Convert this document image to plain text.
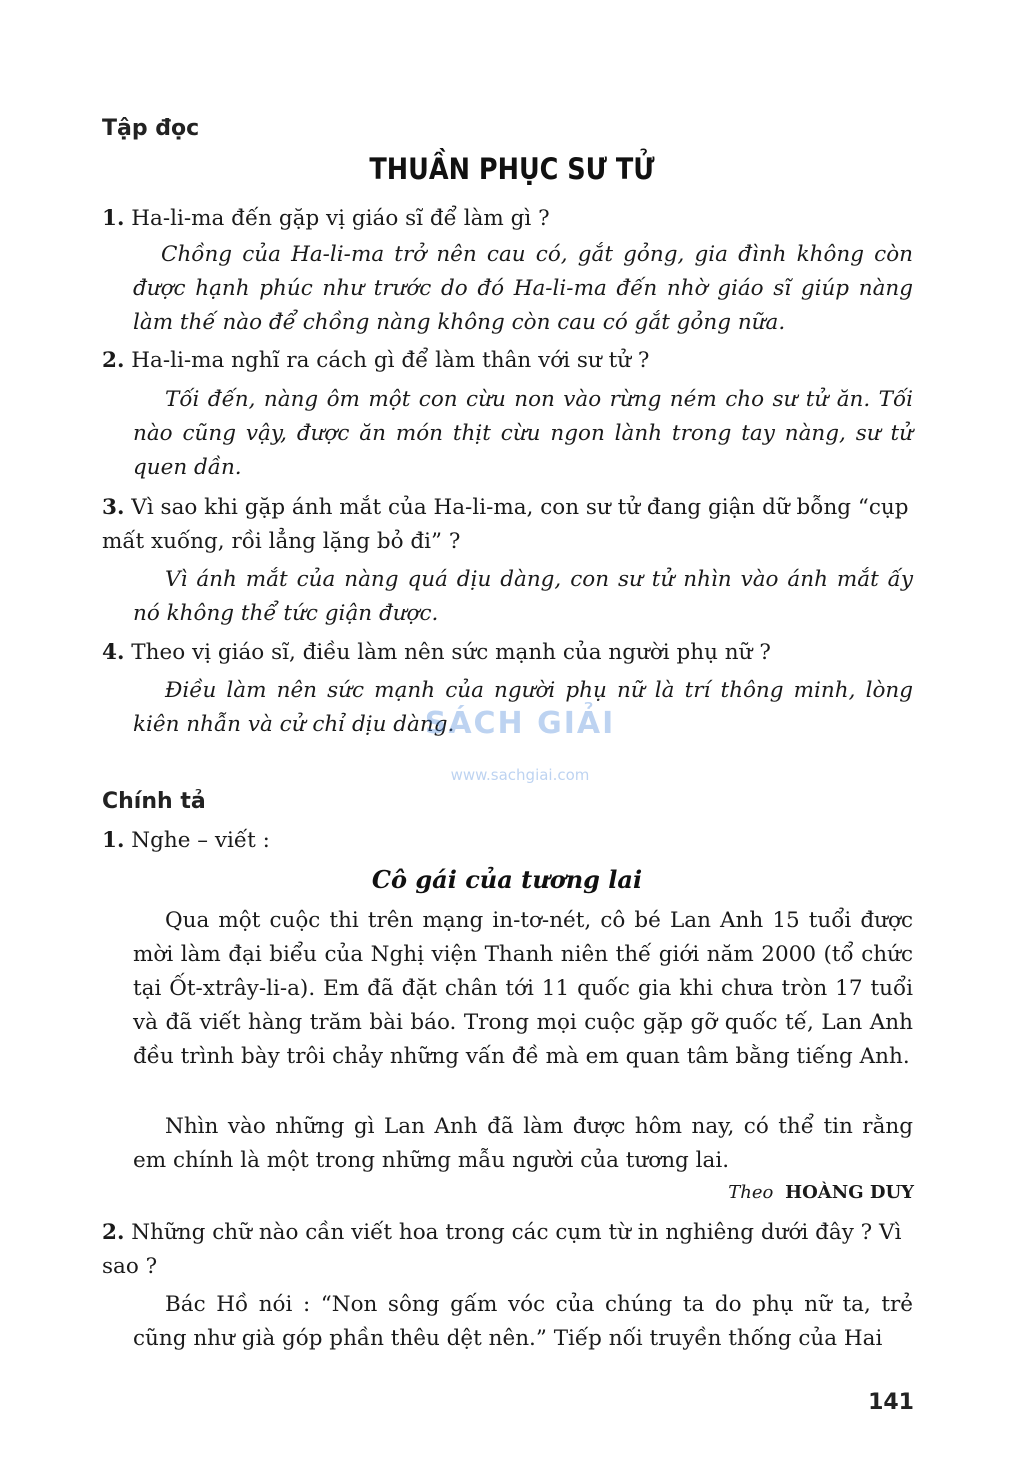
Tập đọc
THUẦN PHỤC SƯ TỬ
1. Ha-li-ma đến gặp vị giáo sĩ để làm gì ?
Chồng của Ha-li-ma trở nên cau có, gắt gỏng, gia đình không còn được hạnh phúc như trước do đó Ha-li-ma đến nhờ giáo sĩ giúp nàng làm thế nào để chồng nàng không còn cau có gắt gỏng nữa.
2. Ha-li-ma nghĩ ra cách gì để làm thân với sư tử ?
Tối đến, nàng ôm một con cừu non vào rừng ném cho sư tử ăn. Tối nào cũng vậy, được ăn món thịt cừu ngon lành trong tay nàng, sư tử quen dần.
3. Vì sao khi gặp ánh mắt của Ha-li-ma, con sư tử đang giận dữ bỗng “cụp mất xuống, rồi lẳng lặng bỏ đi” ?
Vì ánh mắt của nàng quá dịu dàng, con sư tử nhìn vào ánh mắt ấy nó không thể tức giận được.
4. Theo vị giáo sĩ, điều làm nên sức mạnh của người phụ nữ ?
Điều làm nên sức mạnh của người phụ nữ là trí thông minh, lòng kiên nhẫn và cử chỉ dịu dàng.
SÁCH GIẢI
www.sachgiai.com
Chính tả
1. Nghe – viết :
Cô gái của tương lai
Qua một cuộc thi trên mạng in-tơ-nét, cô bé Lan Anh 15 tuổi được mời làm đại biểu của Nghị viện Thanh niên thế giới năm 2000 (tổ chức tại Ốt-xtrây-li-a). Em đã đặt chân tới 11 quốc gia khi chưa tròn 17 tuổi và đã viết hàng trăm bài báo. Trong mọi cuộc gặp gỡ quốc tế, Lan Anh đều trình bày trôi chảy những vấn đề mà em quan tâm bằng tiếng Anh.
Nhìn vào những gì Lan Anh đã làm được hôm nay, có thể tin rằng em chính là một trong những mẫu người của tương lai.
Theo HOÀNG DUY
2. Những chữ nào cần viết hoa trong các cụm từ in nghiêng dưới đây ? Vì sao ?
Bác Hồ nói : “Non sông gấm vóc của chúng ta do phụ nữ ta, trẻ cũng như già góp phần thêu dệt nên.” Tiếp nối truyền thống của Hai
141
